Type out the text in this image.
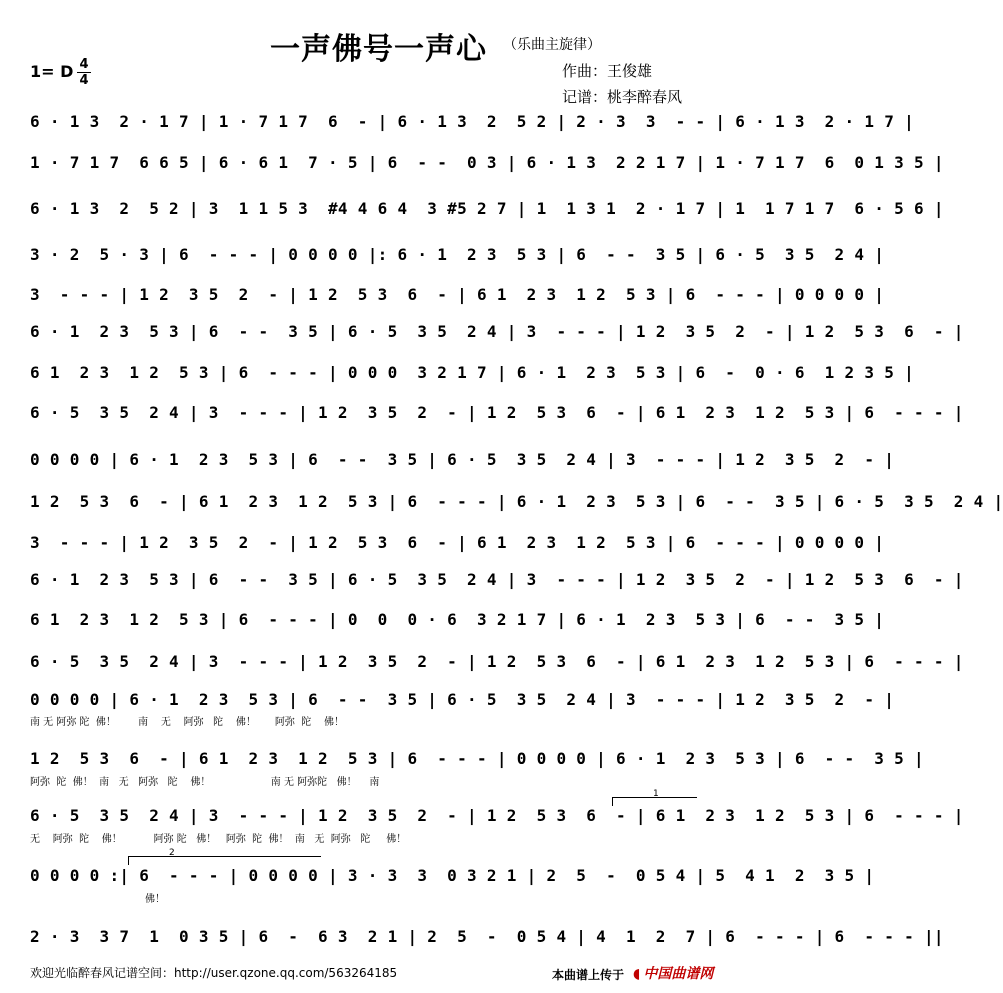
一声佛号一声心 （乐曲主旋律）
1= D 4
4
作曲：王俊雄
记谱：桃李醉春风
6 · 1 3  2 · 1 7 | 1 · 7 1 7  6  - | 6 · 1 3  2  5 2 | 2 · 3  3  - - | 6 · 1 3  2 · 1 7 |
1 · 7 1 7  6 6 5 | 6 · 6 1  7 · 5 | 6  - -  0 3 | 6 · 1 3  2 2 1 7 | 1 · 7 1 7  6  0 1 3 5 |
6 · 1 3  2  5 2 | 3  1 1 5 3  #4 4 6 4  3 #5 2 7 | 1  1 3 1  2 · 1 7 | 1  1 7 1 7  6 · 5 6 |
3 · 2  5 · 3 | 6  - - - | 0 0 0 0 |: 6 · 1  2 3  5 3 | 6  - -  3 5 | 6 · 5  3 5  2 4 |
3  - - - | 1 2  3 5  2  - | 1 2  5 3  6  - | 6 1  2 3  1 2  5 3 | 6  - - - | 0 0 0 0 |
6 · 1  2 3  5 3 | 6  - -  3 5 | 6 · 5  3 5  2 4 | 3  - - - | 1 2  3 5  2  - | 1 2  5 3  6  - |
6 1  2 3  1 2  5 3 | 6  - - - | 0 0 0  3 2 1 7 | 6 · 1  2 3  5 3 | 6  -  0 · 6  1 2 3 5 |
6 · 5  3 5  2 4 | 3  - - - | 1 2  3 5  2  - | 1 2  5 3  6  - | 6 1  2 3  1 2  5 3 | 6  - - - |
0 0 0 0 | 6 · 1  2 3  5 3 | 6  - -  3 5 | 6 · 5  3 5  2 4 | 3  - - - | 1 2  3 5  2  - |
1 2  5 3  6  - | 6 1  2 3  1 2  5 3 | 6  - - - | 6 · 1  2 3  5 3 | 6  - -  3 5 | 6 · 5  3 5  2 4 |
3  - - - | 1 2  3 5  2  - | 1 2  5 3  6  - | 6 1  2 3  1 2  5 3 | 6  - - - | 0 0 0 0 |
6 · 1  2 3  5 3 | 6  - -  3 5 | 6 · 5  3 5  2 4 | 3  - - - | 1 2  3 5  2  - | 1 2  5 3  6  - |
6 1  2 3  1 2  5 3 | 6  - - - | 0  0  0 · 6  3 2 1 7 | 6 · 1  2 3  5 3 | 6  - -  3 5 |
6 · 5  3 5  2 4 | 3  - - - | 1 2  3 5  2  - | 1 2  5 3  6  - | 6 1  2 3  1 2  5 3 | 6  - - - |
0 0 0 0 | 6 · 1  2 3  5 3 | 6  - -  3 5 | 6 · 5  3 5  2 4 | 3  - - - | 1 2  3 5  2  - |
南 无 阿弥 陀  佛！       南    无    阿弥   陀    佛！      阿弥  陀    佛！
1 2  5 3  6  - | 6 1  2 3  1 2  5 3 | 6  - - - | 0 0 0 0 | 6 · 1  2 3  5 3 | 6  - -  3 5 |
阿弥  陀  佛！  南   无   阿弥   陀    佛！                   南 无 阿弥陀   佛！    南
1
6 · 5  3 5  2 4 | 3  - - - | 1 2  3 5  2  - | 1 2  5 3  6  - | 6 1  2 3  1 2  5 3 | 6  - - - |
无    阿弥  陀    佛！          阿弥 陀   佛！   阿弥  陀  佛！  南   无  阿弥   陀     佛！
2
0 0 0 0 :| 6  - - - | 0 0 0 0 | 3 · 3  3  0 3 2 1 | 2  5  -  0 5 4 | 5  4 1  2  3 5 |
佛！
2 · 3  3 7  1  0 3 5 | 6  -  6 3  2 1 | 2  5  -  0 5 4 | 4  1  2  7 | 6  - - - | 6  - - - ||
欢迎光临醉春风记谱空间：http://user.qzone.qq.com/563264185	本曲谱上传于 ◖ 中国曲谱网
